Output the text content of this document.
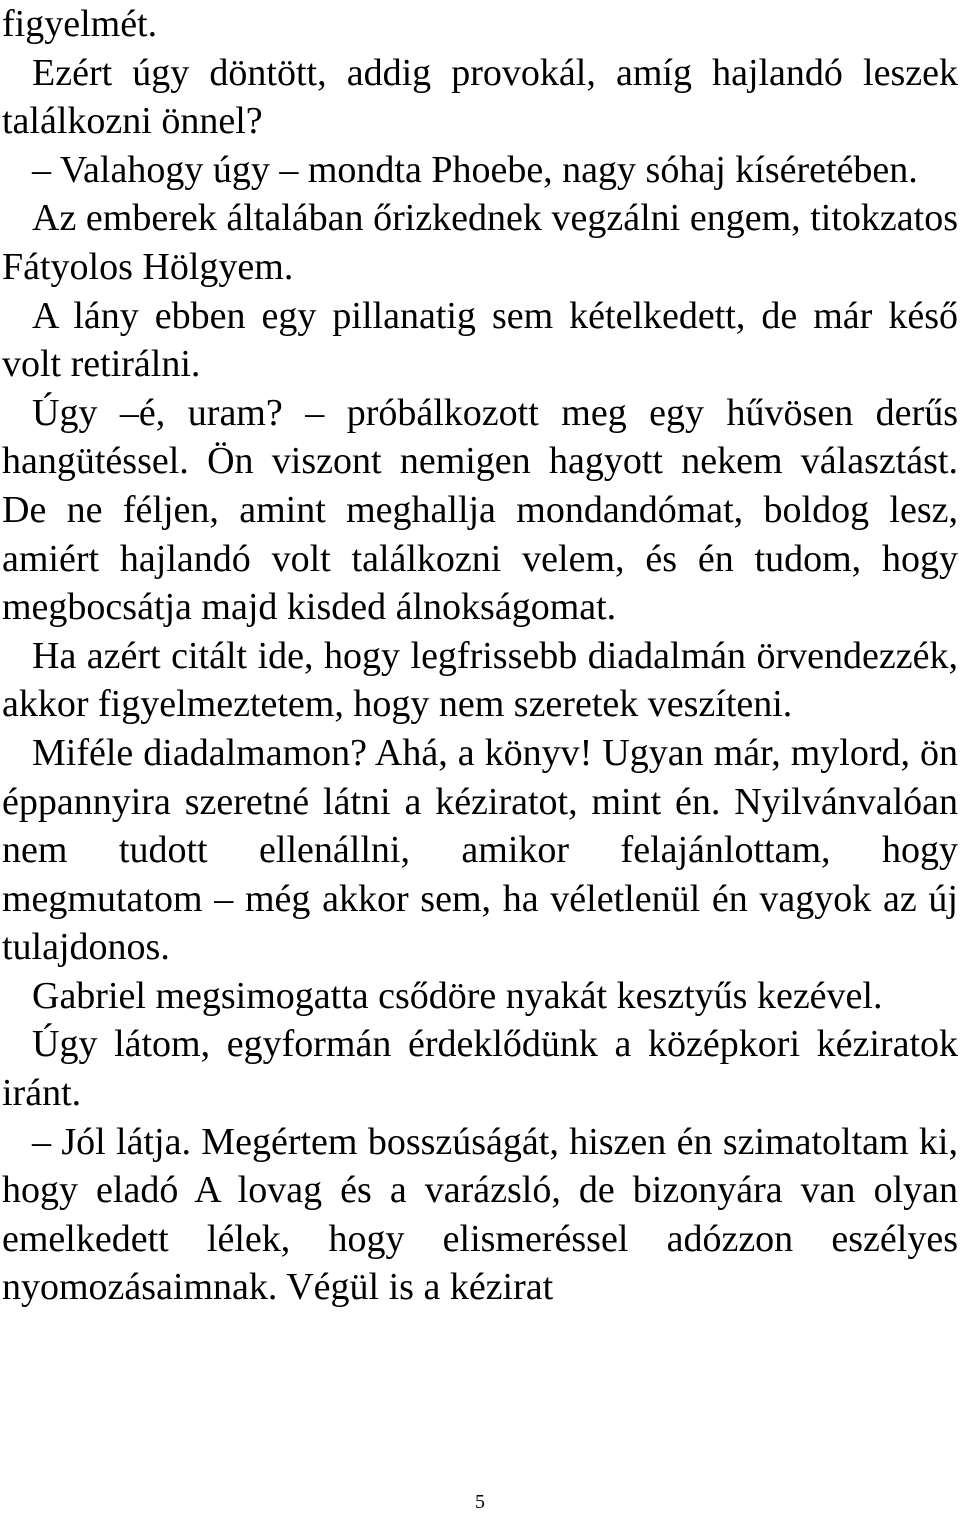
figyelmét.

Ezért úgy döntött, addig provokál, amíg hajlandó leszek találkozni önnel?

– Valahogy úgy – mondta Phoebe, nagy sóhaj kíséretében.

Az emberek általában őrizkednek vegzálni engem, titokzatos Fátyolos Hölgyem.

A lány ebben egy pillanatig sem kételkedett, de már késő volt retirálni.

Úgy –é, uram? – próbálkozott meg egy hűvösen derűs hangütéssel. Ön viszont nemigen hagyott nekem választást. De ne féljen, amint meghallja mondandómat, boldog lesz, amiért hajlandó volt találkozni velem, és én tudom, hogy megbocsátja majd kisded álnokságomat.

Ha azért citált ide, hogy legfrissebb diadalmán örvendezzék, akkor figyelmeztetem, hogy nem szeretek veszíteni.

Miféle diadalmamon? Ahá, a könyv! Ugyan már, mylord, ön éppannyira szeretné látni a kéziratot, mint én. Nyilvánvalóan nem tudott ellenállni, amikor felajánlottam, hogy megmutatom – még akkor sem, ha véletlenül én vagyok az új tulajdonos.

Gabriel megsimogatta csődöre nyakát kesztyűs kezével.

Úgy látom, egyformán érdeklődünk a középkori kéziratok iránt.

– Jól látja. Megértem bosszúságát, hiszen én szimatoltam ki, hogy eladó A lovag és a varázsló, de bizonyára van olyan emelkedett lélek, hogy elismeréssel adózzon eszélyes nyomozásaimnak. Végül is a kézirat

5
